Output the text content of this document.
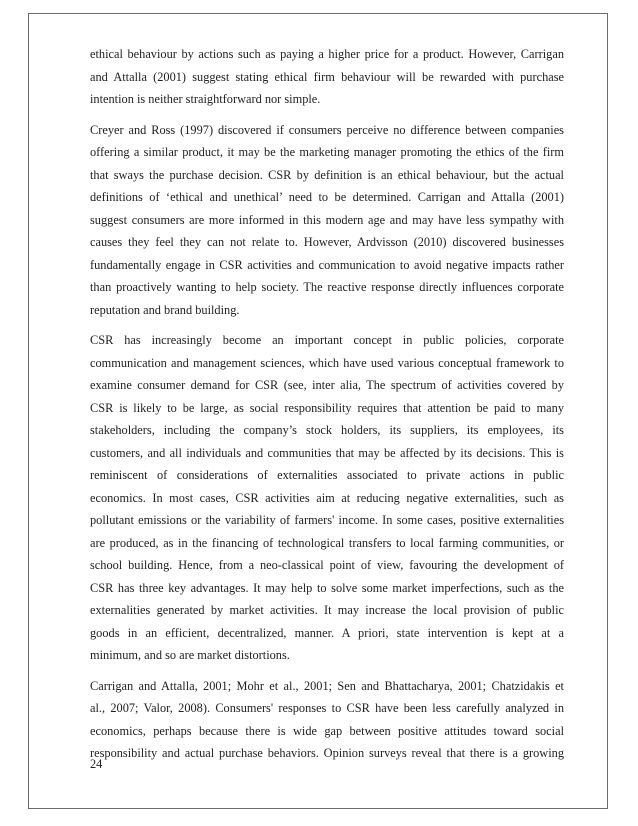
ethical behaviour by actions such as paying a higher price for a product. However, Carrigan
and Attalla (2001) suggest stating ethical firm behaviour will be rewarded with purchase
intention is neither straightforward nor simple.
Creyer and Ross (1997) discovered if consumers perceive no difference between companies
offering a similar product, it may be the marketing manager promoting the ethics of the firm
that sways the purchase decision. CSR by definition is an ethical behaviour, but the actual
definitions of ‘ethical and unethical’ need to be determined. Carrigan and Attalla (2001)
suggest consumers are more informed in this modern age and may have less sympathy with
causes they feel they can not relate to. However, Ardvisson (2010) discovered businesses
fundamentally engage in CSR activities and communication to avoid negative impacts rather
than proactively wanting to help society. The reactive response directly influences corporate
reputation and brand building.
CSR has increasingly become an important concept in public policies, corporate
communication and management sciences, which have used various conceptual framework to
examine consumer demand for CSR (see, inter alia, The spectrum of activities covered by
CSR is likely to be large, as social responsibility requires that attention be paid to many
stakeholders, including the company’s stock holders, its suppliers, its employees, its
customers, and all individuals and communities that may be affected by its decisions. This is
reminiscent of considerations of externalities associated to private actions in public
economics. In most cases, CSR activities aim at reducing negative externalities, such as
pollutant emissions or the variability of farmers' income. In some cases, positive externalities
are produced, as in the financing of technological transfers to local farming communities, or
school building. Hence, from a neo-classical point of view, favouring the development of
CSR has three key advantages. It may help to solve some market imperfections, such as the
externalities generated by market activities. It may increase the local provision of public
goods in an efficient, decentralized, manner. A priori, state intervention is kept at a
minimum, and so are market distortions.
Carrigan and Attalla, 2001; Mohr et al., 2001; Sen and Bhattacharya, 2001; Chatzidakis et
al., 2007; Valor, 2008). Consumers' responses to CSR have been less carefully analyzed in
economics, perhaps because there is wide gap between positive attitudes toward social
responsibility and actual purchase behaviors. Opinion surveys reveal that there is a growing
24
